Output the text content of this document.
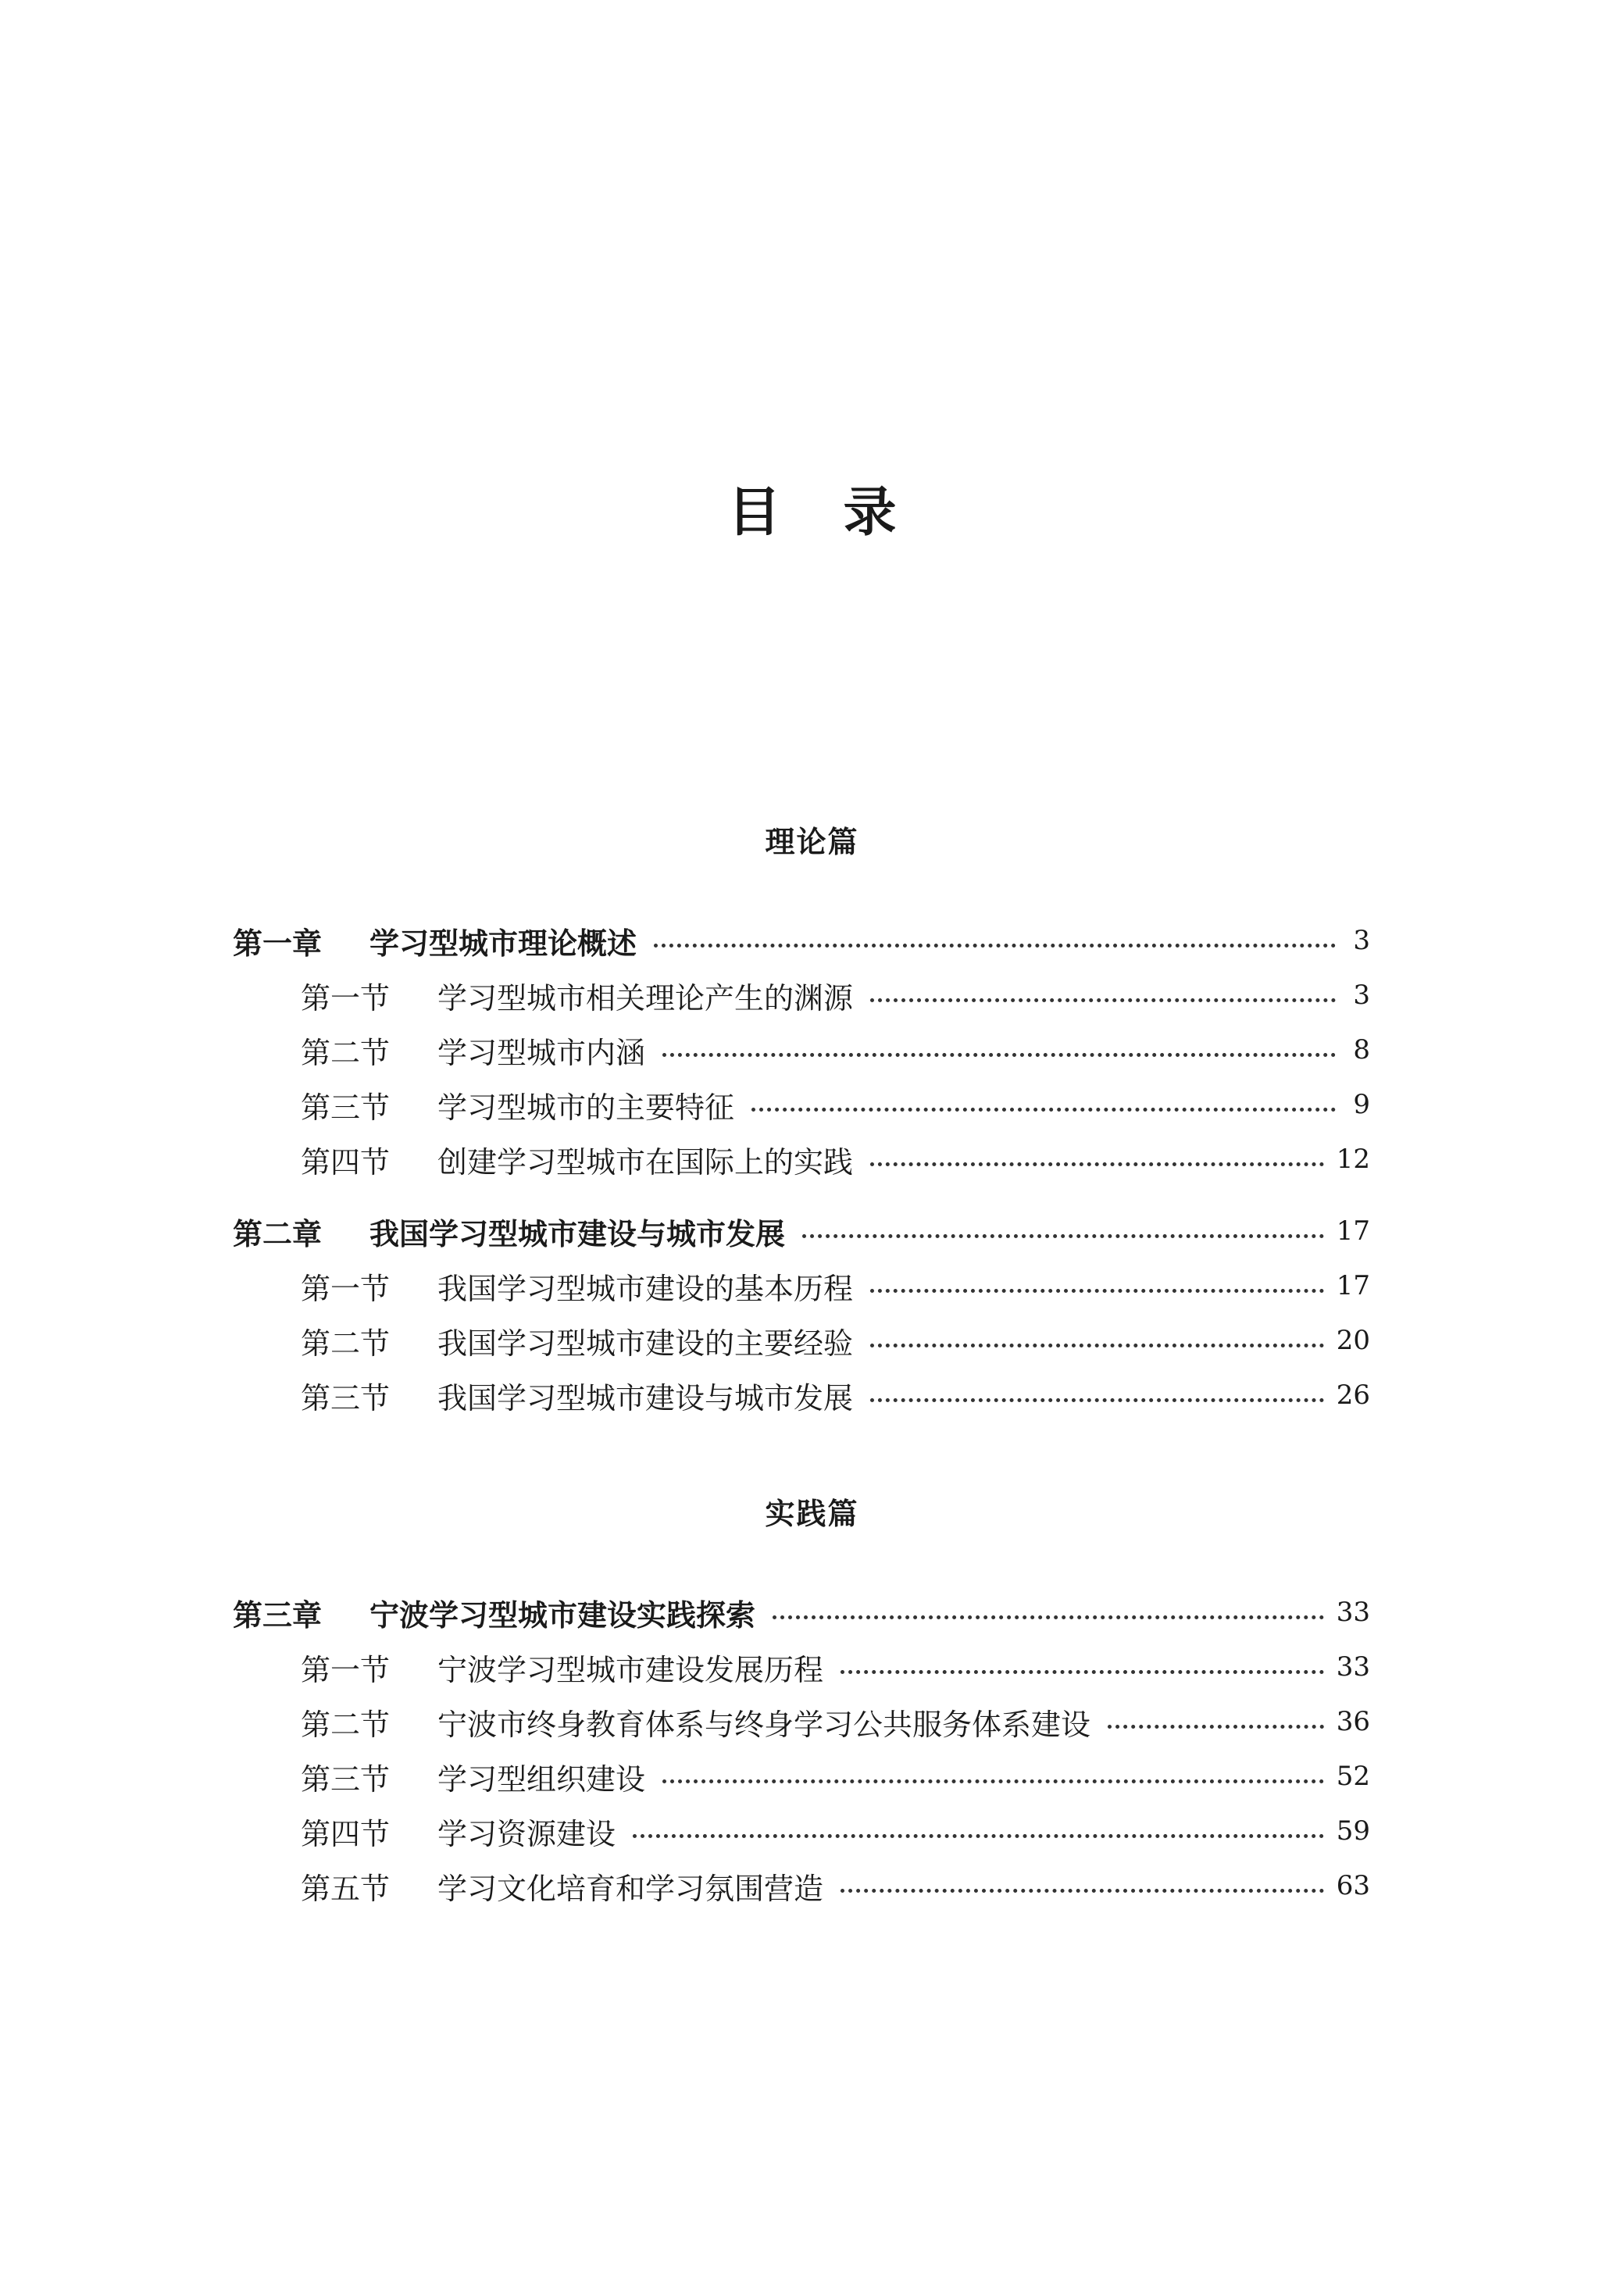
目 录
理论篇
第一章	学习型城市理论概述	3
第一节	学习型城市相关理论产生的渊源	3
第二节	学习型城市内涵	8
第三节	学习型城市的主要特征	9
第四节	创建学习型城市在国际上的实践	12
第二章	我国学习型城市建设与城市发展	17
第一节	我国学习型城市建设的基本历程	17
第二节	我国学习型城市建设的主要经验	20
第三节	我国学习型城市建设与城市发展	26
实践篇
第三章	宁波学习型城市建设实践探索	33
第一节	宁波学习型城市建设发展历程	33
第二节	宁波市终身教育体系与终身学习公共服务体系建设	36
第三节	学习型组织建设	52
第四节	学习资源建设	59
第五节	学习文化培育和学习氛围营造	63
